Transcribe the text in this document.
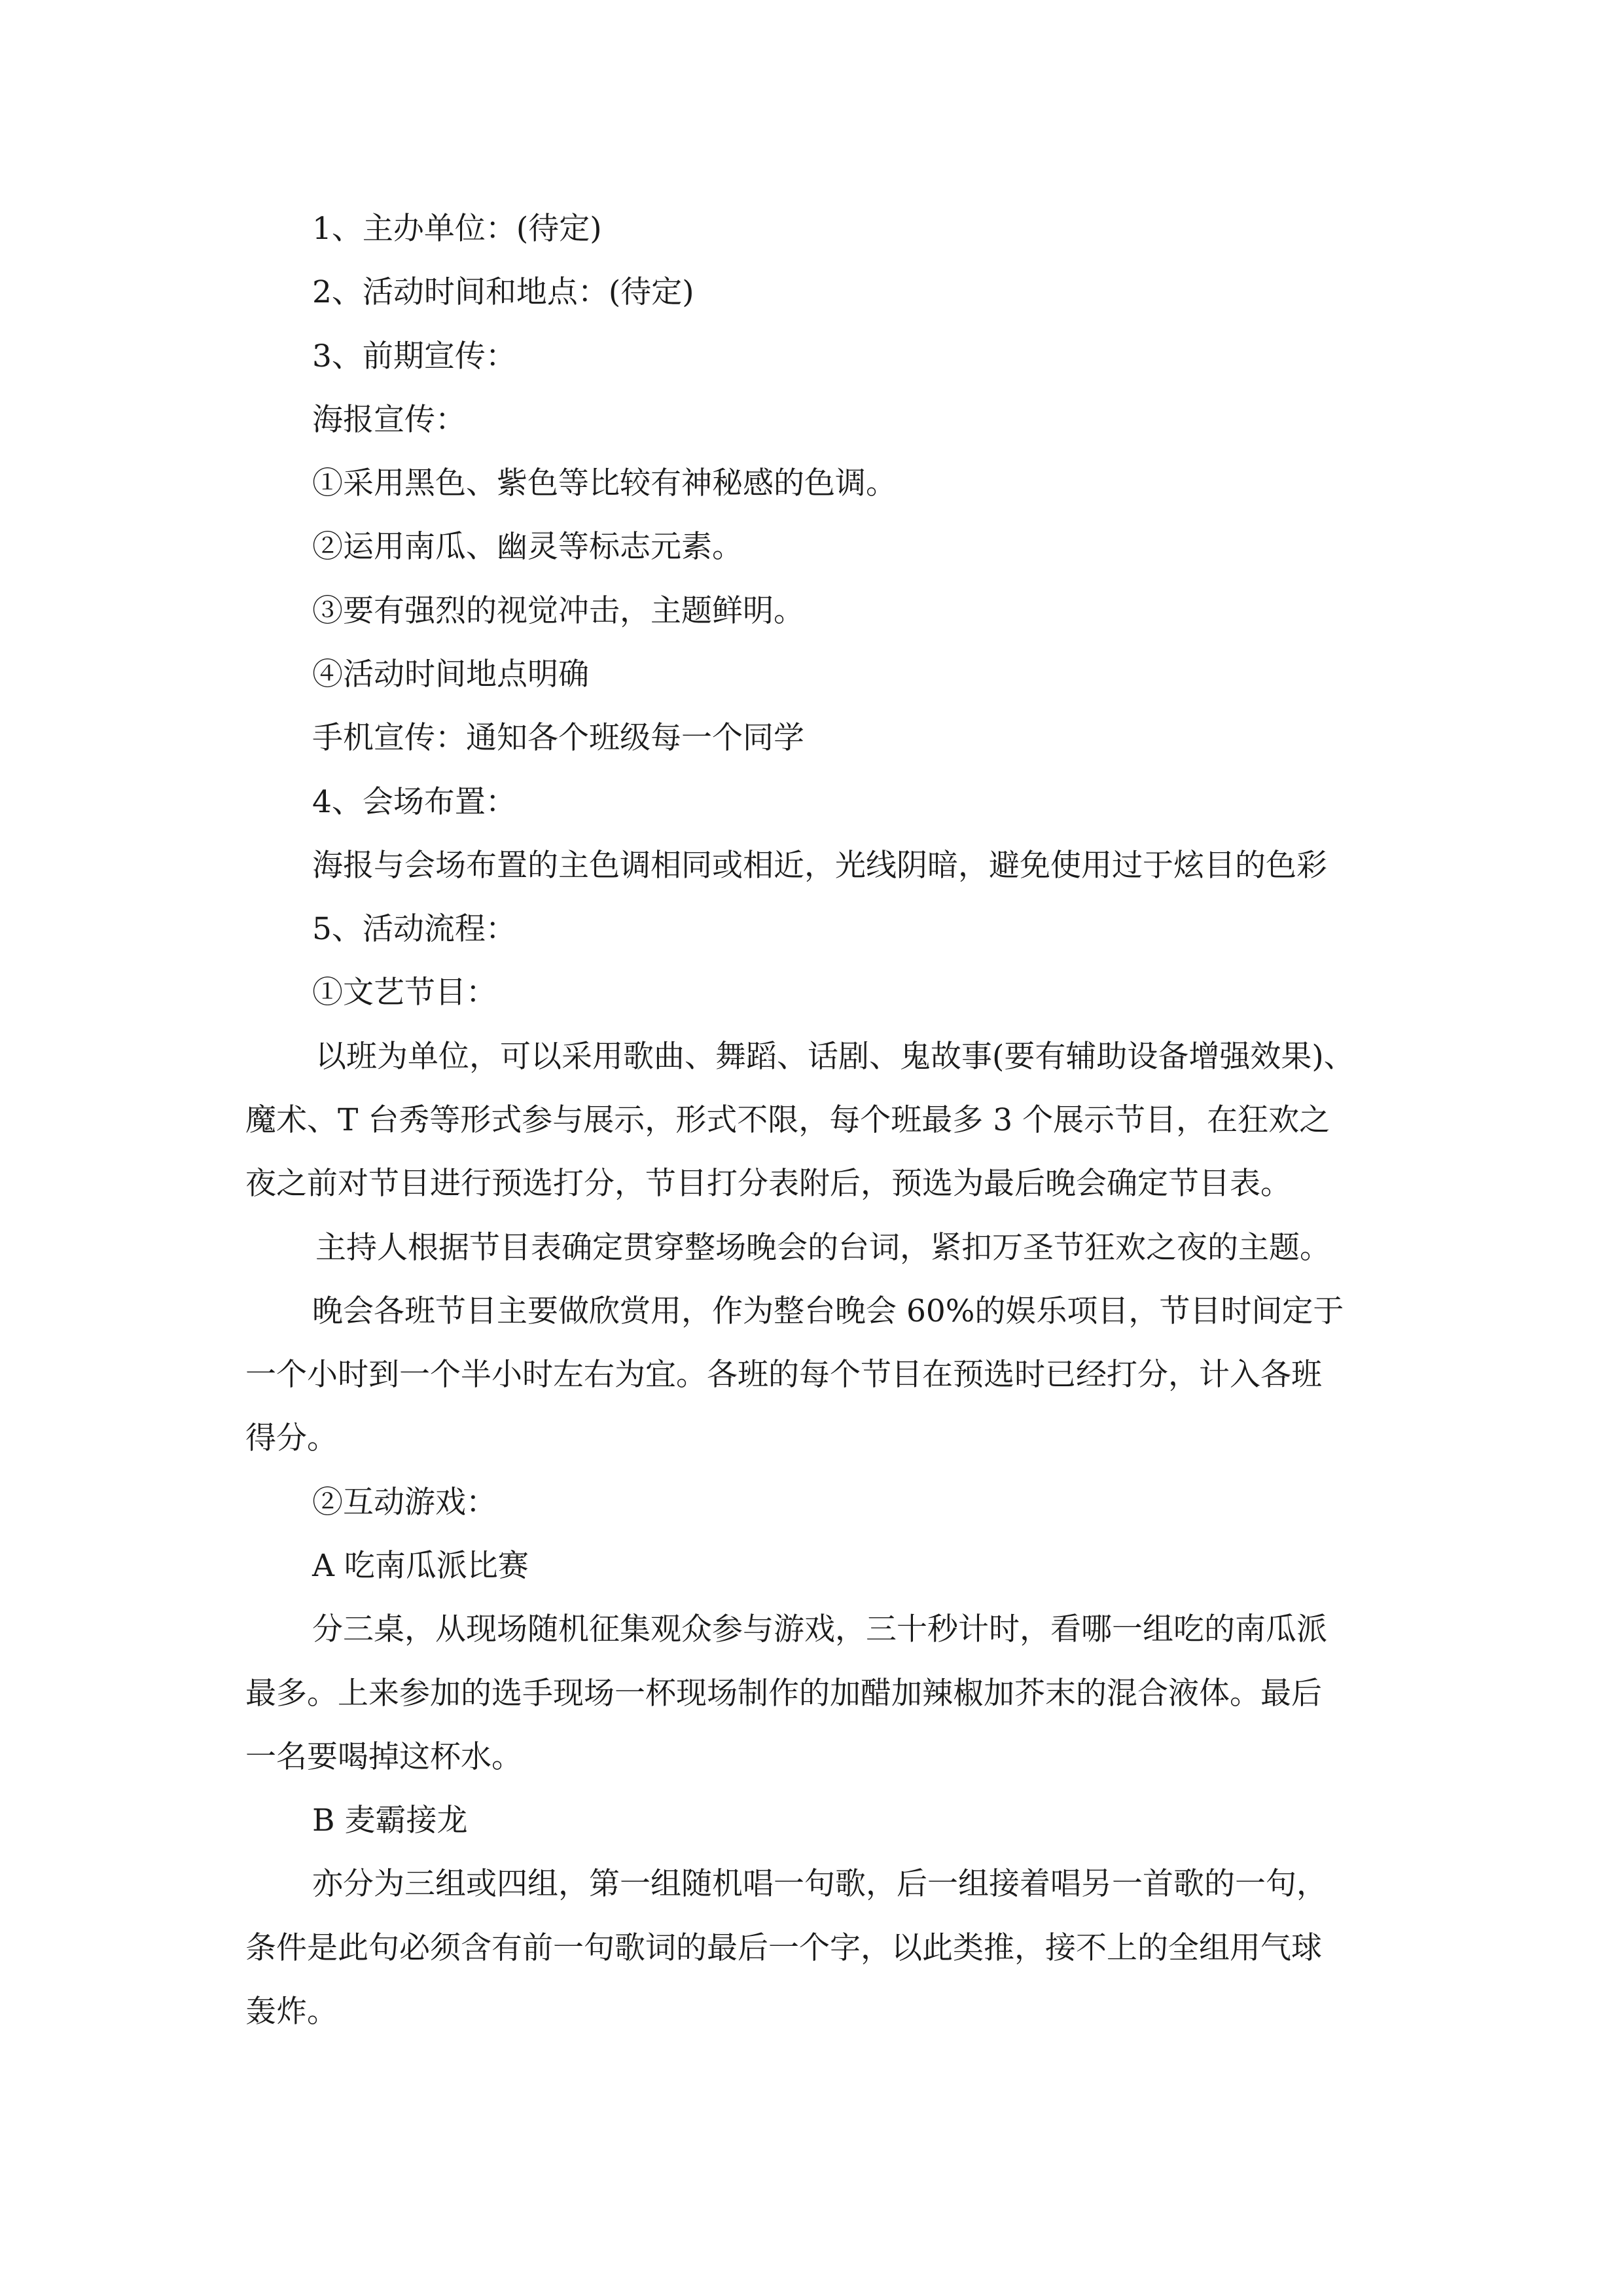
1、主办单位：(待定)

2、活动时间和地点：(待定)

3、前期宣传：

海报宣传：

①采用黑色、紫色等比较有神秘感的色调。

②运用南瓜、幽灵等标志元素。

③要有强烈的视觉冲击，主题鲜明。

④活动时间地点明确

手机宣传：通知各个班级每一个同学

4、会场布置：

海报与会场布置的主色调相同或相近，光线阴暗，避免使用过于炫目的色彩

5、活动流程：

①文艺节目：

以班为单位，可以采用歌曲、舞蹈、话剧、鬼故事(要有辅助设备增强效果)、

魔术、T 台秀等形式参与展示，形式不限，每个班最多 3 个展示节目，在狂欢之

夜之前对节目进行预选打分，节目打分表附后，预选为最后晚会确定节目表。

主持人根据节目表确定贯穿整场晚会的台词，紧扣万圣节狂欢之夜的主题。

晚会各班节目主要做欣赏用，作为整台晚会 60%的娱乐项目，节目时间定于

一个小时到一个半小时左右为宜。各班的每个节目在预选时已经打分，计入各班

得分。

②互动游戏：

A 吃南瓜派比赛

分三桌，从现场随机征集观众参与游戏，三十秒计时，看哪一组吃的南瓜派

最多。上来参加的选手现场一杯现场制作的加醋加辣椒加芥末的混合液体。最后

一名要喝掉这杯水。

B 麦霸接龙

亦分为三组或四组，第一组随机唱一句歌，后一组接着唱另一首歌的一句，

条件是此句必须含有前一句歌词的最后一个字，以此类推，接不上的全组用气球

轰炸。
